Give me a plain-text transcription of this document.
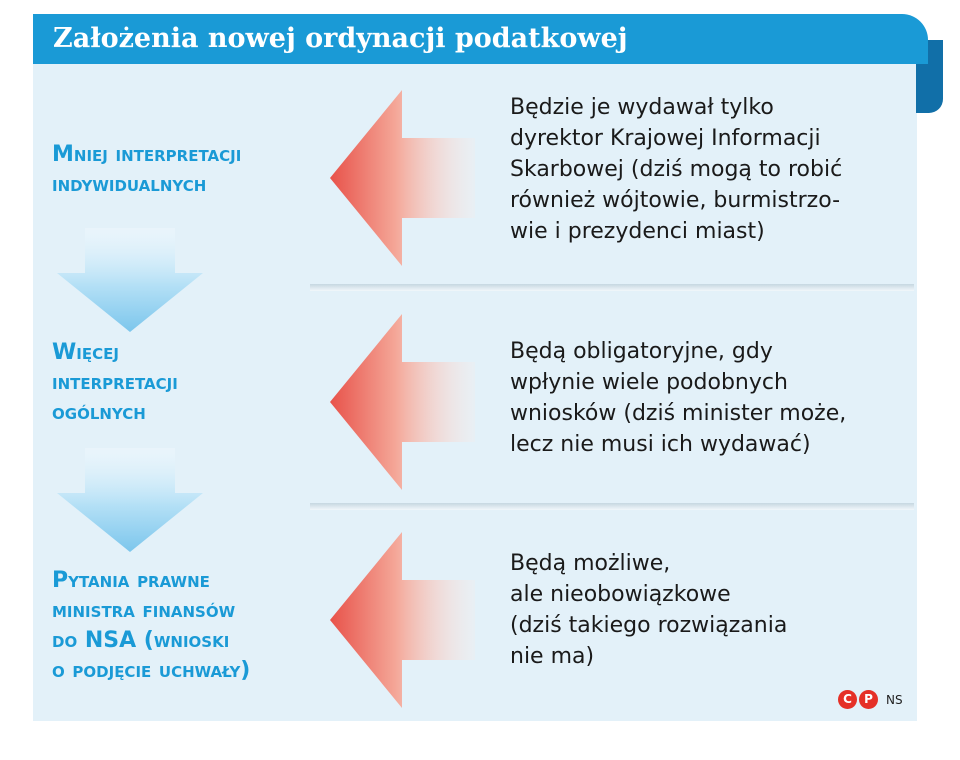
Założenia nowej ordynacji podatkowej
Mniej interpretacji
indywidualnych
Więcej
interpretacji
ogólnych
Pytania prawne
ministra finansów
do NSA (wnioski
o podjęcie uchwały)
Będzie je wydawał tylko
dyrektor Krajowej Informacji
Skarbowej (dziś mogą to robić
również wójtowie, burmistrzo-
wie i prezydenci miast)
Będą obligatoryjne, gdy
wpłynie wiele podobnych
wniosków (dziś minister może,
lecz nie musi ich wydawać)
Będą możliwe,
ale nieobowiązkowe
(dziś takiego rozwiązania
nie ma)
C	P	NS
